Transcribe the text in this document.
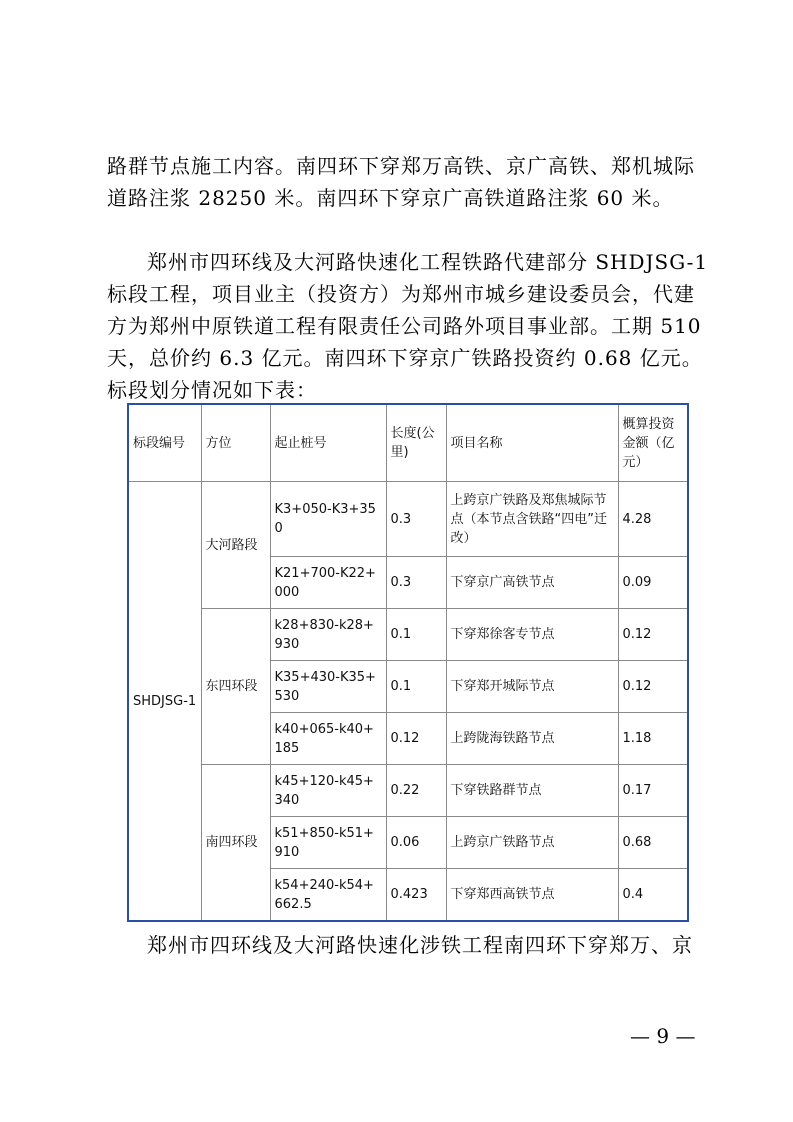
路群节点施工内容。南四环下穿郑万高铁、京广高铁、郑机城际
道路注浆 28250 米。南四环下穿京广高铁道路注浆 60 米。

郑州市四环线及大河路快速化工程铁路代建部分 SHDJSG-1
标段工程，项目业主（投资方）为郑州市城乡建设委员会，代建
方为郑州中原铁道工程有限责任公司路外项目事业部。工期 510
天，总价约 6.3 亿元。南四环下穿京广铁路投资约 0.68 亿元。
标段划分情况如下表：

标段编号	方位	起止桩号	长度(公里)	项目名称	概算投资金额（亿元）
SHDJSG-1	大河路段	K3+050-K3+350	0.3	上跨京广铁路及郑焦城际节点（本节点含铁路“四电”迁改）	4.28
		K21+700-K22+000	0.3	下穿京广高铁节点	0.09
	东四环段	k28+830-k28+930	0.1	下穿郑徐客专节点	0.12
		K35+430-K35+530	0.1	下穿郑开城际节点	0.12
		k40+065-k40+185	0.12	上跨陇海铁路节点	1.18
	南四环段	k45+120-k45+340	0.22	下穿铁路群节点	0.17
		k51+850-k51+910	0.06	上跨京广铁路节点	0.68
		k54+240-k54+662.5	0.423	下穿郑西高铁节点	0.4

郑州市四环线及大河路快速化涉铁工程南四环下穿郑万、京

— 9 —
